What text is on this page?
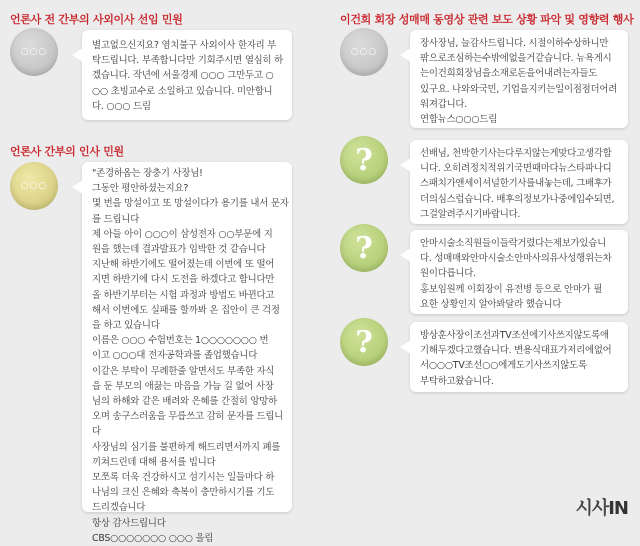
언론사 전 간부의 사외이사 선임 민원
○○○
별고없으신지요? 염치불구 사외이사 한자리 부
탁드립니다. 부족합니다만 기회주시면 열심히 하
겠습니다. 작년에 서울경제 ○○○ 그만두고 ○
○○ 초빙교수로 소일하고 있습니다. 미안합니
다. ○○○ 드림
언론사 간부의 인사 민원
○○○
"존경하옵는 장충기 사장님!
그동안 평안하셨는지요?
몇 번을 망설이고 또 망설이다가 용기를 내서 문자
를 드립니다
제 아들 아이 ○○○이 삼성전자 ○○부문에 지
원을 했는데 결과발표가 임박한 것 같습니다
지난해 하반기에도 떨어졌는데 이번에 또 떨어
지면 하반기에 다시 도전을 하겠다고 합니다만
올 하반기부터는 시험 과정과 방법도 바뀐다고
해서 이번에도 실패를 할까봐 온 집안이 큰 걱정
을 하고 있습니다
이름은 ○○○ 수험번호는 1○○○○○○○ 번
이고 ○○○대 전자공학과를 졸업했습니다
이같은 부탁이 무례한줄 알면서도 부족한 자식
을 둔 부모의 애끓는 마음을 가늠 길 없어 사장
님의 하해와 같은 배려와 은혜를 간절히 앙망하
오며 송구스러움을 무릅쓰고 감히 문자를 드립니
다
사장님의 심기를 불편하게 해드리면서까지 폐를
끼쳐드린데 대해 용서를 빕니다
모쪼록 더욱 건강하시고 섬기시는 일들마다 하
나님의 크신 은혜와 축복이 충만하시기를 기도
드리겠습니다
항상 감사드립니다
CBS○○○○○○○ ○○○ 올림
이건희 회장 성매매 동영상 관련 보도 상황 파악 및 영향력 행사
○○○
장사장님, 늘감사드립니다. 시절이하수상하니만
팎으로조심하는수밖에없을거같습니다. 뉴욕게시
는이건희회장님을소재로돈을어내려는자들도
있구요. 나와와국민, 기업을지키는일이점점더어려
워져갑니다.
연합뉴스○○○드림
?	선배님, 천박한기사는다루지않는게맞다고생각합
니다. 오히려정치적위기국면때마다뉴스타파나디
스패치가앤세이셔널한기사를내놓는데, 그배후가
더의심스럽습니다. 배후의정보가나중에입수되면,
그걸알려주시기바랍니다.
?	안마시술소직원들이들락거렸다는제보가있습니
다. 성매매와안마시술소안마사의유사성행위는차
원이다릅니다.
홍보임원께 이회장이 유전병 등으로 안마가 필
요한 상황인지 알아봐달라 했습니다
?	방상훈사장이조선과TV조선에기사쓰지않도록애
기해두겠다고했습니다. 변용식대표가저리에없어
서○○○TV조선○○에게도기사쓰지않도록
부탁하고왔습니다.
시사IN
